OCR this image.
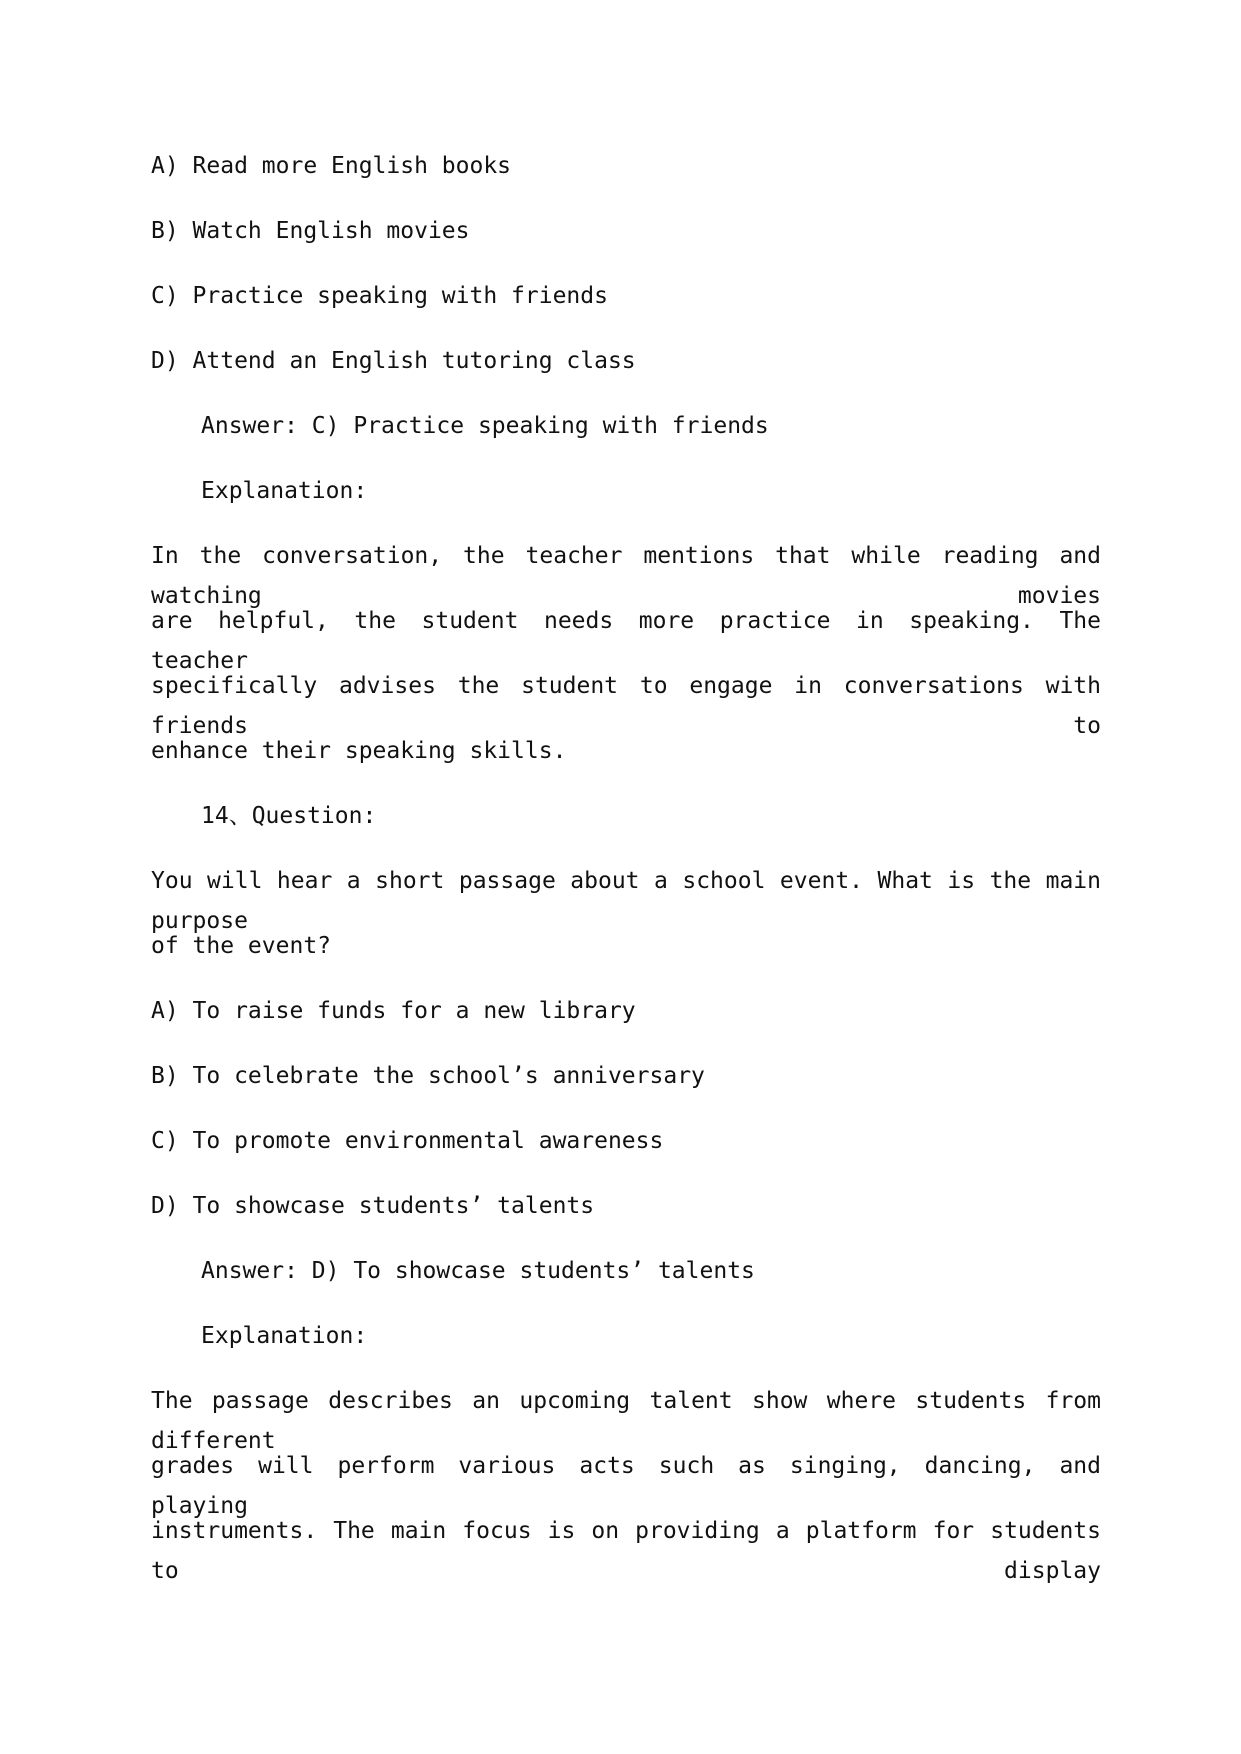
A) Read more English books
B) Watch English movies
C) Practice speaking with friends
D) Attend an English tutoring class
Answer: C) Practice speaking with friends
Explanation:
In the conversation, the teacher mentions that while reading and watching movies
are helpful, the student needs more practice in speaking. The teacher
specifically advises the student to engage in conversations with friends to
enhance their speaking skills.
14、Question:
You will hear a short passage about a school event. What is the main purpose
of the event?
A) To raise funds for a new library
B) To celebrate the school’s anniversary
C) To promote environmental awareness
D) To showcase students’ talents
Answer: D) To showcase students’ talents
Explanation:
The passage describes an upcoming talent show where students from different
grades will perform various acts such as singing, dancing, and playing
instruments. The main focus is on providing a platform for students to display
